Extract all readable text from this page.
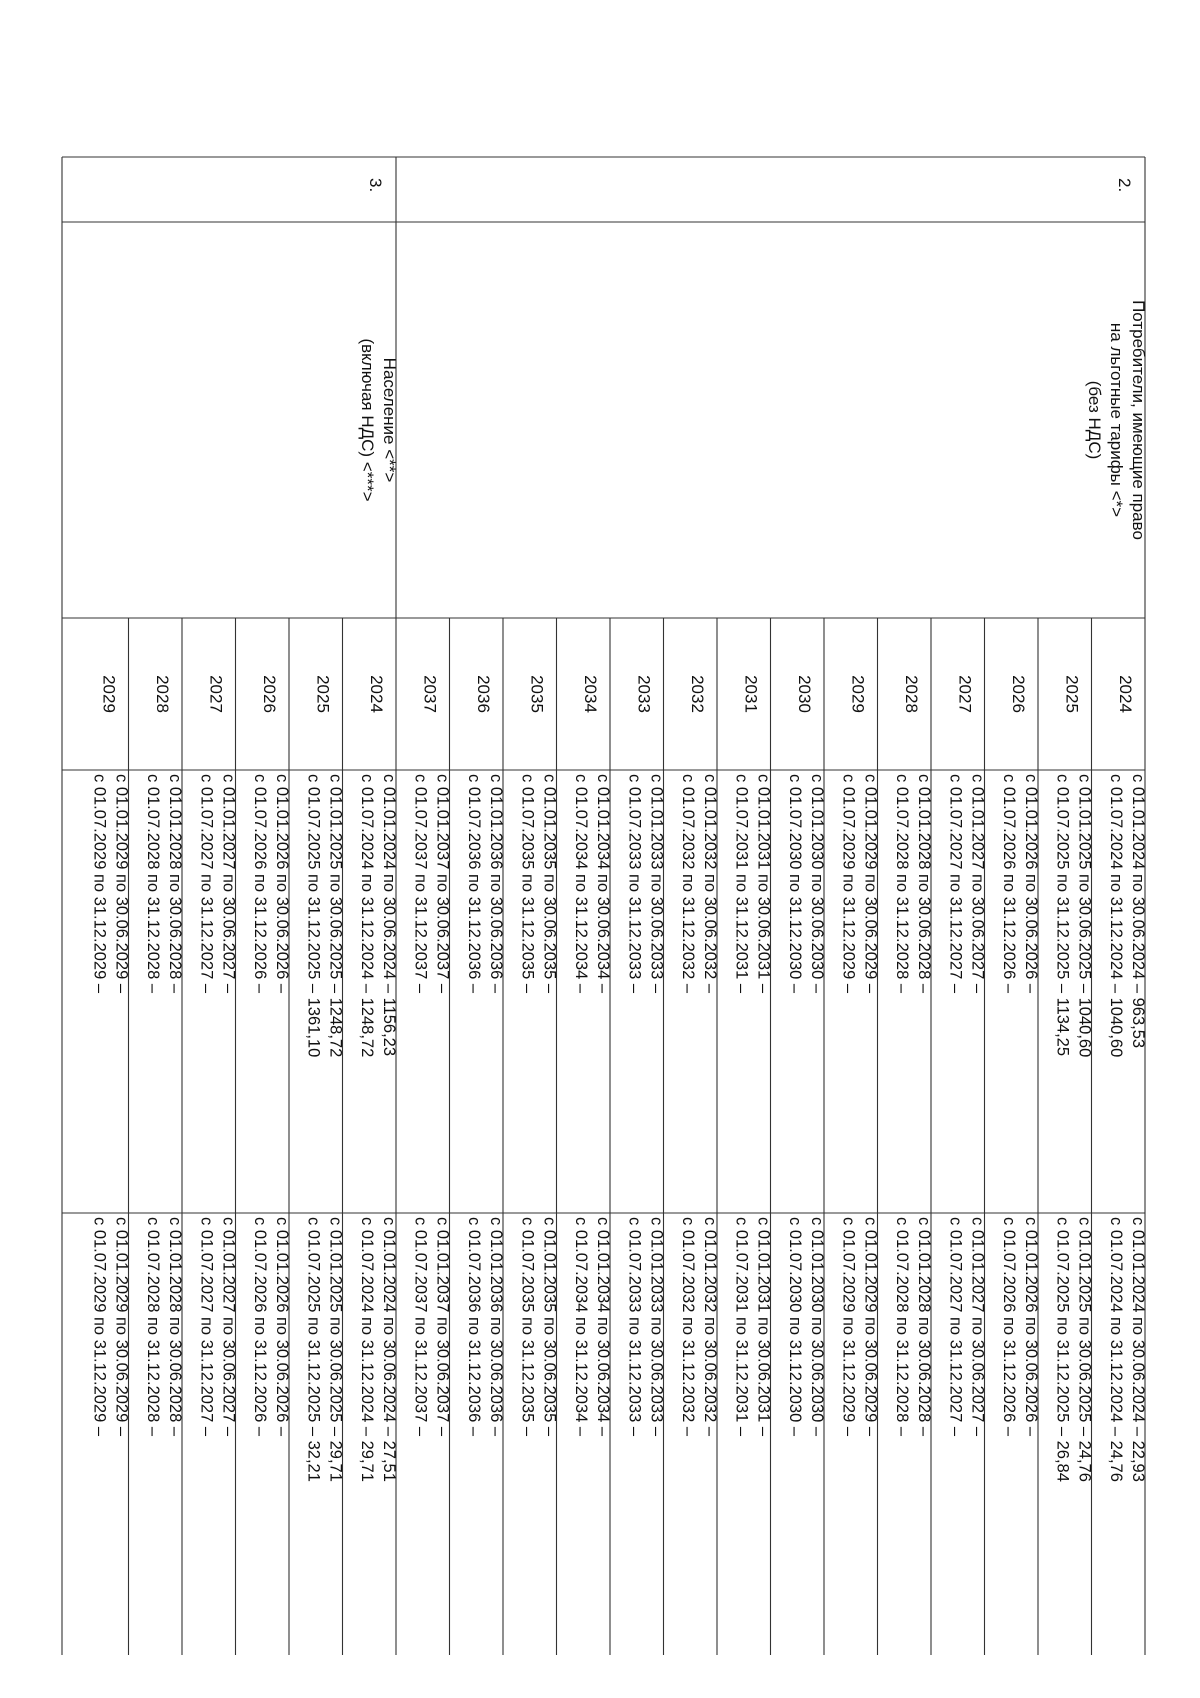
2.
Потребители, имеющие право
на льготные тарифы <*>
(без НДС)
2024
с 01.01.2024 по 30.06.2024 – 963,53
с 01.07.2024 по 31.12.2024 – 1040,60
с 01.01.2024 по 30.06.2024 – 22,93
с 01.07.2024 по 31.12.2024 – 24,76
2025
с 01.01.2025 по 30.06.2025 – 1040,60
с 01.07.2025 по 31.12.2025 – 1134,25
с 01.01.2025 по 30.06.2025 – 24,76
с 01.07.2025 по 31.12.2025 – 26,84
2026
с 01.01.2026 по 30.06.2026 –
с 01.07.2026 по 31.12.2026 –
с 01.01.2026 по 30.06.2026 –
с 01.07.2026 по 31.12.2026 –
2027
с 01.01.2027 по 30.06.2027 –
с 01.07.2027 по 31.12.2027 –
с 01.01.2027 по 30.06.2027 –
с 01.07.2027 по 31.12.2027 –
2028
с 01.01.2028 по 30.06.2028 –
с 01.07.2028 по 31.12.2028 –
с 01.01.2028 по 30.06.2028 –
с 01.07.2028 по 31.12.2028 –
2029
с 01.01.2029 по 30.06.2029 –
с 01.07.2029 по 31.12.2029 –
с 01.01.2029 по 30.06.2029 –
с 01.07.2029 по 31.12.2029 –
2030
с 01.01.2030 по 30.06.2030 –
с 01.07.2030 по 31.12.2030 –
с 01.01.2030 по 30.06.2030 –
с 01.07.2030 по 31.12.2030 –
2031
с 01.01.2031 по 30.06.2031 –
с 01.07.2031 по 31.12.2031 –
с 01.01.2031 по 30.06.2031 –
с 01.07.2031 по 31.12.2031 –
2032
с 01.01.2032 по 30.06.2032 –
с 01.07.2032 по 31.12.2032 –
с 01.01.2032 по 30.06.2032 –
с 01.07.2032 по 31.12.2032 –
2033
с 01.01.2033 по 30.06.2033 –
с 01.07.2033 по 31.12.2033 –
с 01.01.2033 по 30.06.2033 –
с 01.07.2033 по 31.12.2033 –
2034
с 01.01.2034 по 30.06.2034 –
с 01.07.2034 по 31.12.2034 –
с 01.01.2034 по 30.06.2034 –
с 01.07.2034 по 31.12.2034 –
2035
с 01.01.2035 по 30.06.2035 –
с 01.07.2035 по 31.12.2035 –
с 01.01.2035 по 30.06.2035 –
с 01.07.2035 по 31.12.2035 –
2036
с 01.01.2036 по 30.06.2036 –
с 01.07.2036 по 31.12.2036 –
с 01.01.2036 по 30.06.2036 –
с 01.07.2036 по 31.12.2036 –
2037
с 01.01.2037 по 30.06.2037 –
с 01.07.2037 по 31.12.2037 –
с 01.01.2037 по 30.06.2037 –
с 01.07.2037 по 31.12.2037 –
3.
Население <**>
(включая НДС) <***>
2024
с 01.01.2024 по 30.06.2024 – 1156,23
с 01.07.2024 по 31.12.2024 – 1248,72
с 01.01.2024 по 30.06.2024 – 27,51
с 01.07.2024 по 31.12.2024 – 29,71
2025
с 01.01.2025 по 30.06.2025 – 1248,72
с 01.07.2025 по 31.12.2025 – 1361,10
с 01.01.2025 по 30.06.2025 – 29,71
с 01.07.2025 по 31.12.2025 – 32,21
2026
с 01.01.2026 по 30.06.2026 –
с 01.07.2026 по 31.12.2026 –
с 01.01.2026 по 30.06.2026 –
с 01.07.2026 по 31.12.2026 –
2027
с 01.01.2027 по 30.06.2027 –
с 01.07.2027 по 31.12.2027 –
с 01.01.2027 по 30.06.2027 –
с 01.07.2027 по 31.12.2027 –
2028
с 01.01.2028 по 30.06.2028 –
с 01.07.2028 по 31.12.2028 –
с 01.01.2028 по 30.06.2028 –
с 01.07.2028 по 31.12.2028 –
2029
с 01.01.2029 по 30.06.2029 –
с 01.07.2029 по 31.12.2029 –
с 01.01.2029 по 30.06.2029 –
с 01.07.2029 по 31.12.2029 –
